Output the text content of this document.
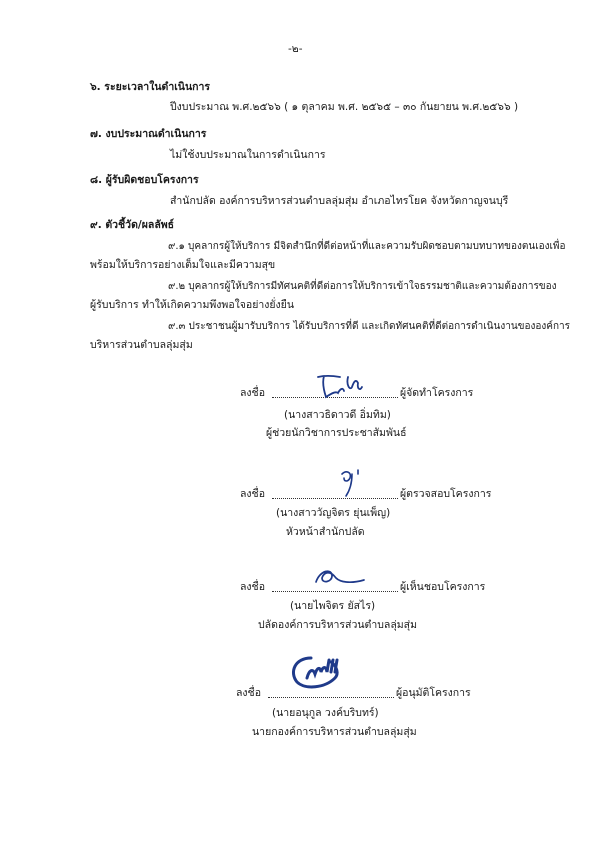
-๒-
๖. ระยะเวลาในดำเนินการ
ปีงบประมาณ พ.ศ.๒๕๖๖ ( ๑ ตุลาคม พ.ศ. ๒๕๖๕ – ๓๐ กันยายน พ.ศ.๒๕๖๖ )
๗. งบประมาณดำเนินการ
ไม่ใช้งบประมาณในการดำเนินการ
๘. ผู้รับผิดชอบโครงการ
สำนักปลัด องค์การบริหารส่วนตำบลลุ่มสุ่ม อำเภอไทรโยค จังหวัดกาญจนบุรี
๙. ตัวชี้วัด/ผลลัพธ์
๙.๑ บุคลากรผู้ให้บริการ มีจิตสำนึกที่ดีต่อหน้าที่และความรับผิดชอบตามบทบาทของตนเองเพื่อ
พร้อมให้บริการอย่างเต็มใจและมีความสุข
๙.๒ บุคลากรผู้ให้บริการมีทัศนคติที่ดีต่อการให้บริการเข้าใจธรรมชาติและความต้องการของ
ผู้รับบริการ ทำให้เกิดความพึงพอใจอย่างยั่งยืน
๙.๓ ประชาชนผู้มารับบริการ ได้รับบริการที่ดี และเกิดทัศนคติที่ดีต่อการดำเนินงานขององค์การ
บริหารส่วนตำบลลุ่มสุ่ม
ลงชื่อ	ผู้จัดทำโครงการ
(นางสาวธิดาวดี อิ่มทิม)
ผู้ช่วยนักวิชาการประชาสัมพันธ์
ลงชื่อ	ผู้ตรวจสอบโครงการ
(นางสาววัญจิตร ยุ่นเพ็ญ)
หัวหน้าสำนักปลัด
ลงชื่อ	ผู้เห็นชอบโครงการ
(นายไพจิตร ยัสไร)
ปลัดองค์การบริหารส่วนตำบลลุ่มสุ่ม
ลงชื่อ	ผู้อนุมัติโครงการ
(นายอนุกูล วงค์บริบทร์)
นายกองค์การบริหารส่วนตำบลลุ่มสุ่ม
